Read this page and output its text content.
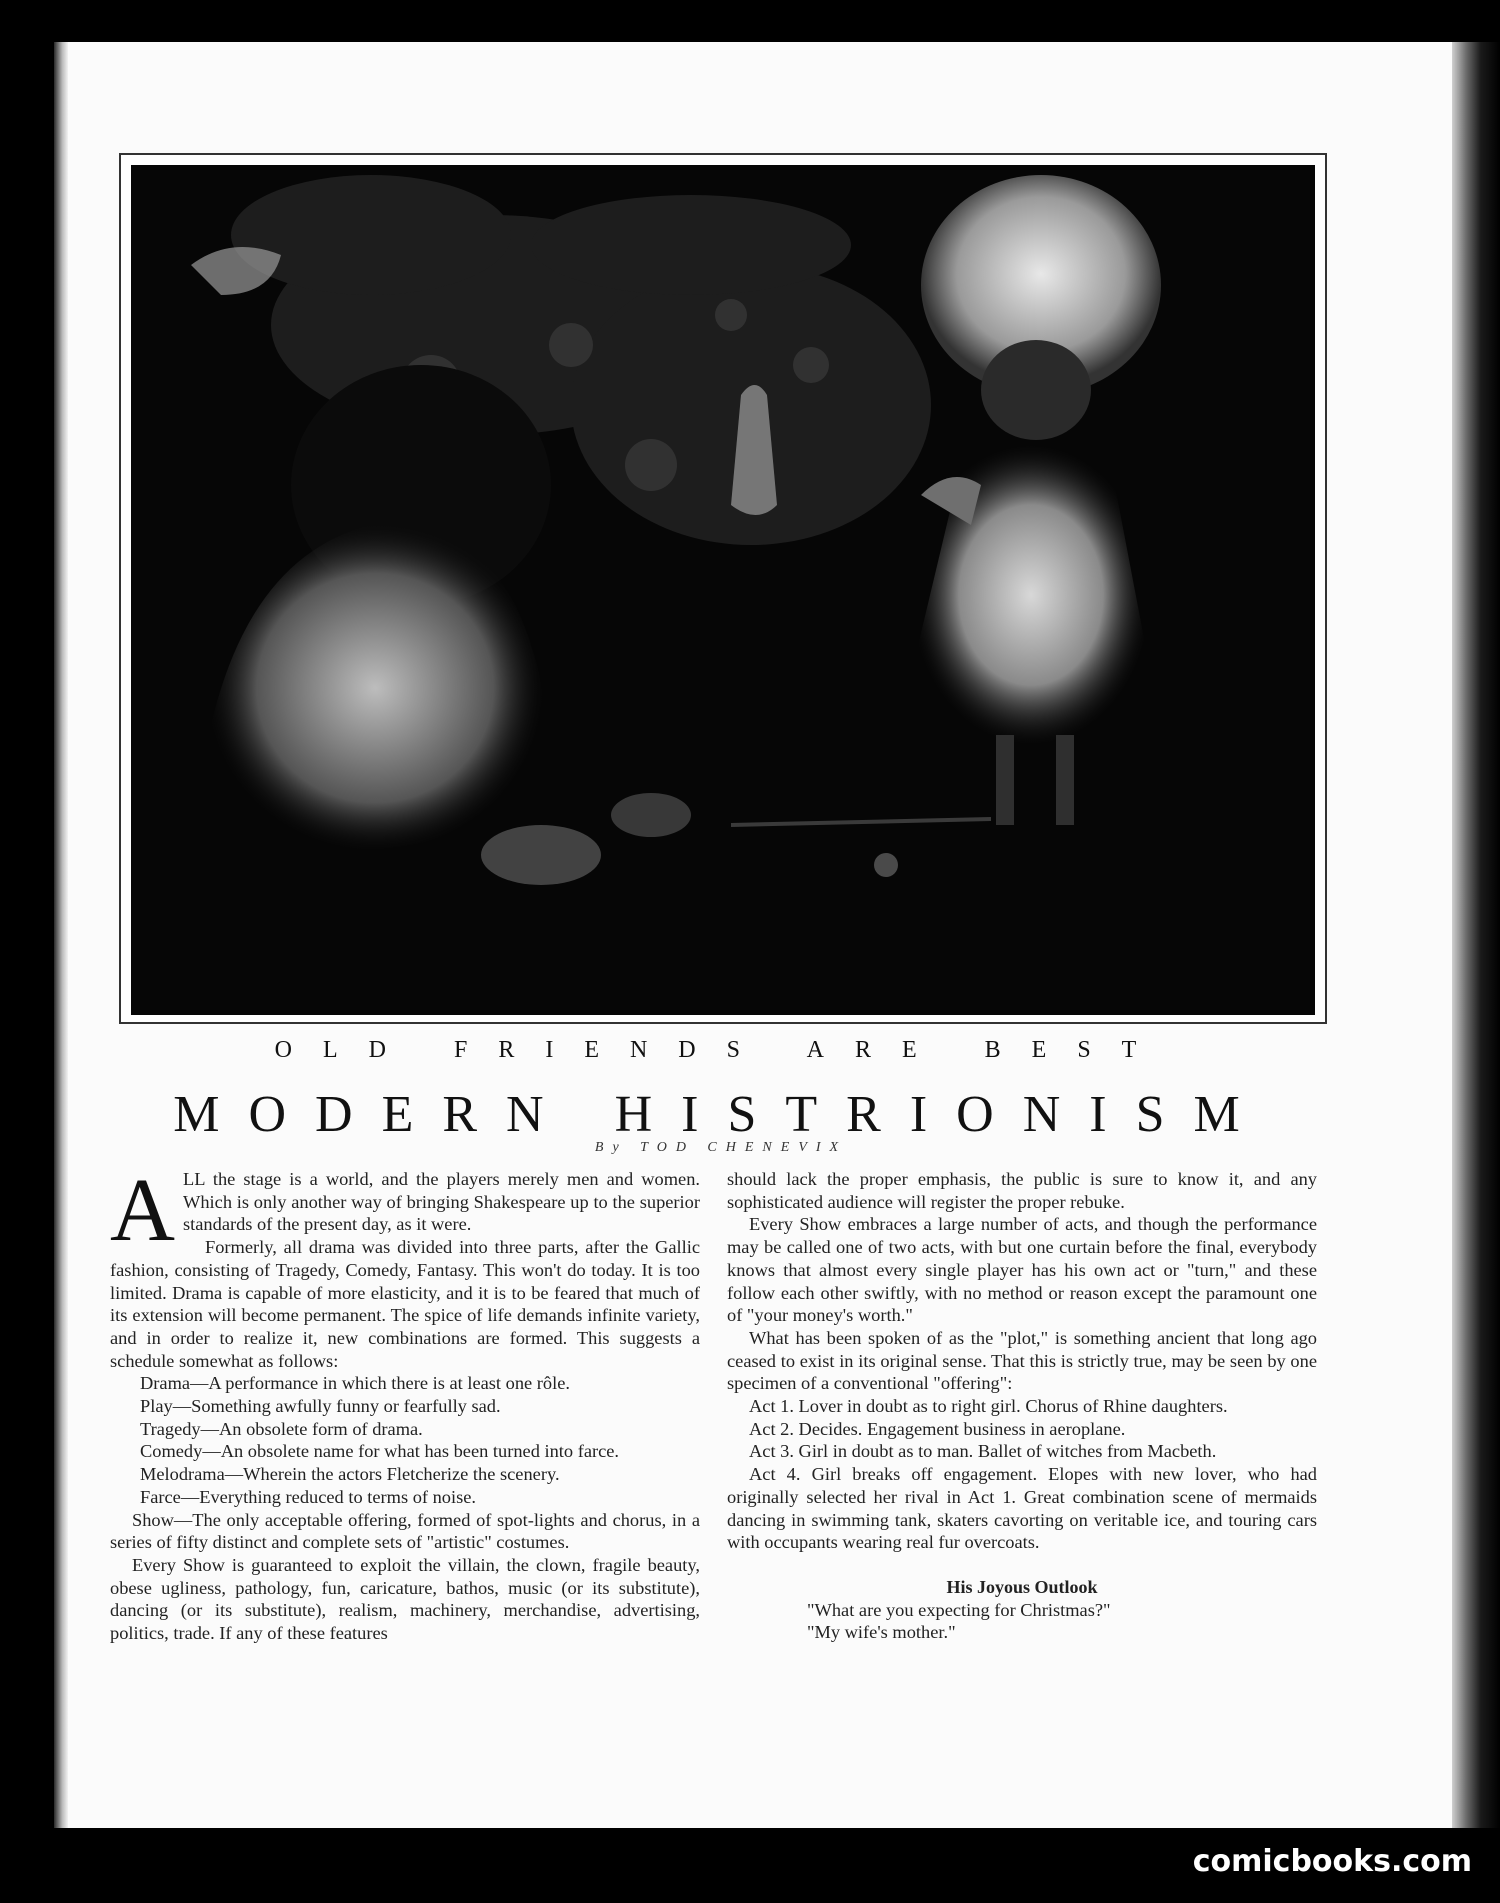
OLD FRIENDS ARE BEST
MODERN HISTRIONISM
By TOD CHENEVIX

ALL the stage is a world, and the players merely men and women. Which is only another way of bringing Shakespeare up to the superior standards of the present day, as it were.

Formerly, all drama was divided into three parts, after the Gallic fashion, consisting of Tragedy, Comedy, Fantasy. This won't do today. It is too limited. Drama is capable of more elasticity, and it is to be feared that much of its extension will become permanent. The spice of life demands infinite variety, and in order to realize it, new combinations are formed. This suggests a schedule somewhat as follows:

Drama—A performance in which there is at least one rôle.

Play—Something awfully funny or fearfully sad.

Tragedy—An obsolete form of drama.

Comedy—An obsolete name for what has been turned into farce.

Melodrama—Wherein the actors Fletcherize the scenery.

Farce—Everything reduced to terms of noise.

Show—The only acceptable offering, formed of spot-lights and chorus, in a series of fifty distinct and complete sets of "artistic" costumes.

Every Show is guaranteed to exploit the villain, the clown, fragile beauty, obese ugliness, pathology, fun, caricature, bathos, music (or its substitute), dancing (or its substitute), realism, machinery, merchandise, advertising, politics, trade. If any of these features

should lack the proper emphasis, the public is sure to know it, and any sophisticated audience will register the proper rebuke.

Every Show embraces a large number of acts, and though the performance may be called one of two acts, with but one curtain before the final, everybody knows that almost every single player has his own act or "turn," and these follow each other swiftly, with no method or reason except the paramount one of "your money's worth."

What has been spoken of as the "plot," is something ancient that long ago ceased to exist in its original sense. That this is strictly true, may be seen by one specimen of a conventional "offering":

Act 1. Lover in doubt as to right girl. Chorus of Rhine daughters.

Act 2. Decides. Engagement business in aeroplane.

Act 3. Girl in doubt as to man. Ballet of witches from Macbeth.

Act 4. Girl breaks off engagement. Elopes with new lover, who had originally selected her rival in Act 1. Great combination scene of mermaids dancing in swimming tank, skaters cavorting on veritable ice, and touring cars with occupants wearing real fur overcoats.

His Joyous Outlook

"What are you expecting for Christmas?"

"My wife's mother."

comicbooks.com
